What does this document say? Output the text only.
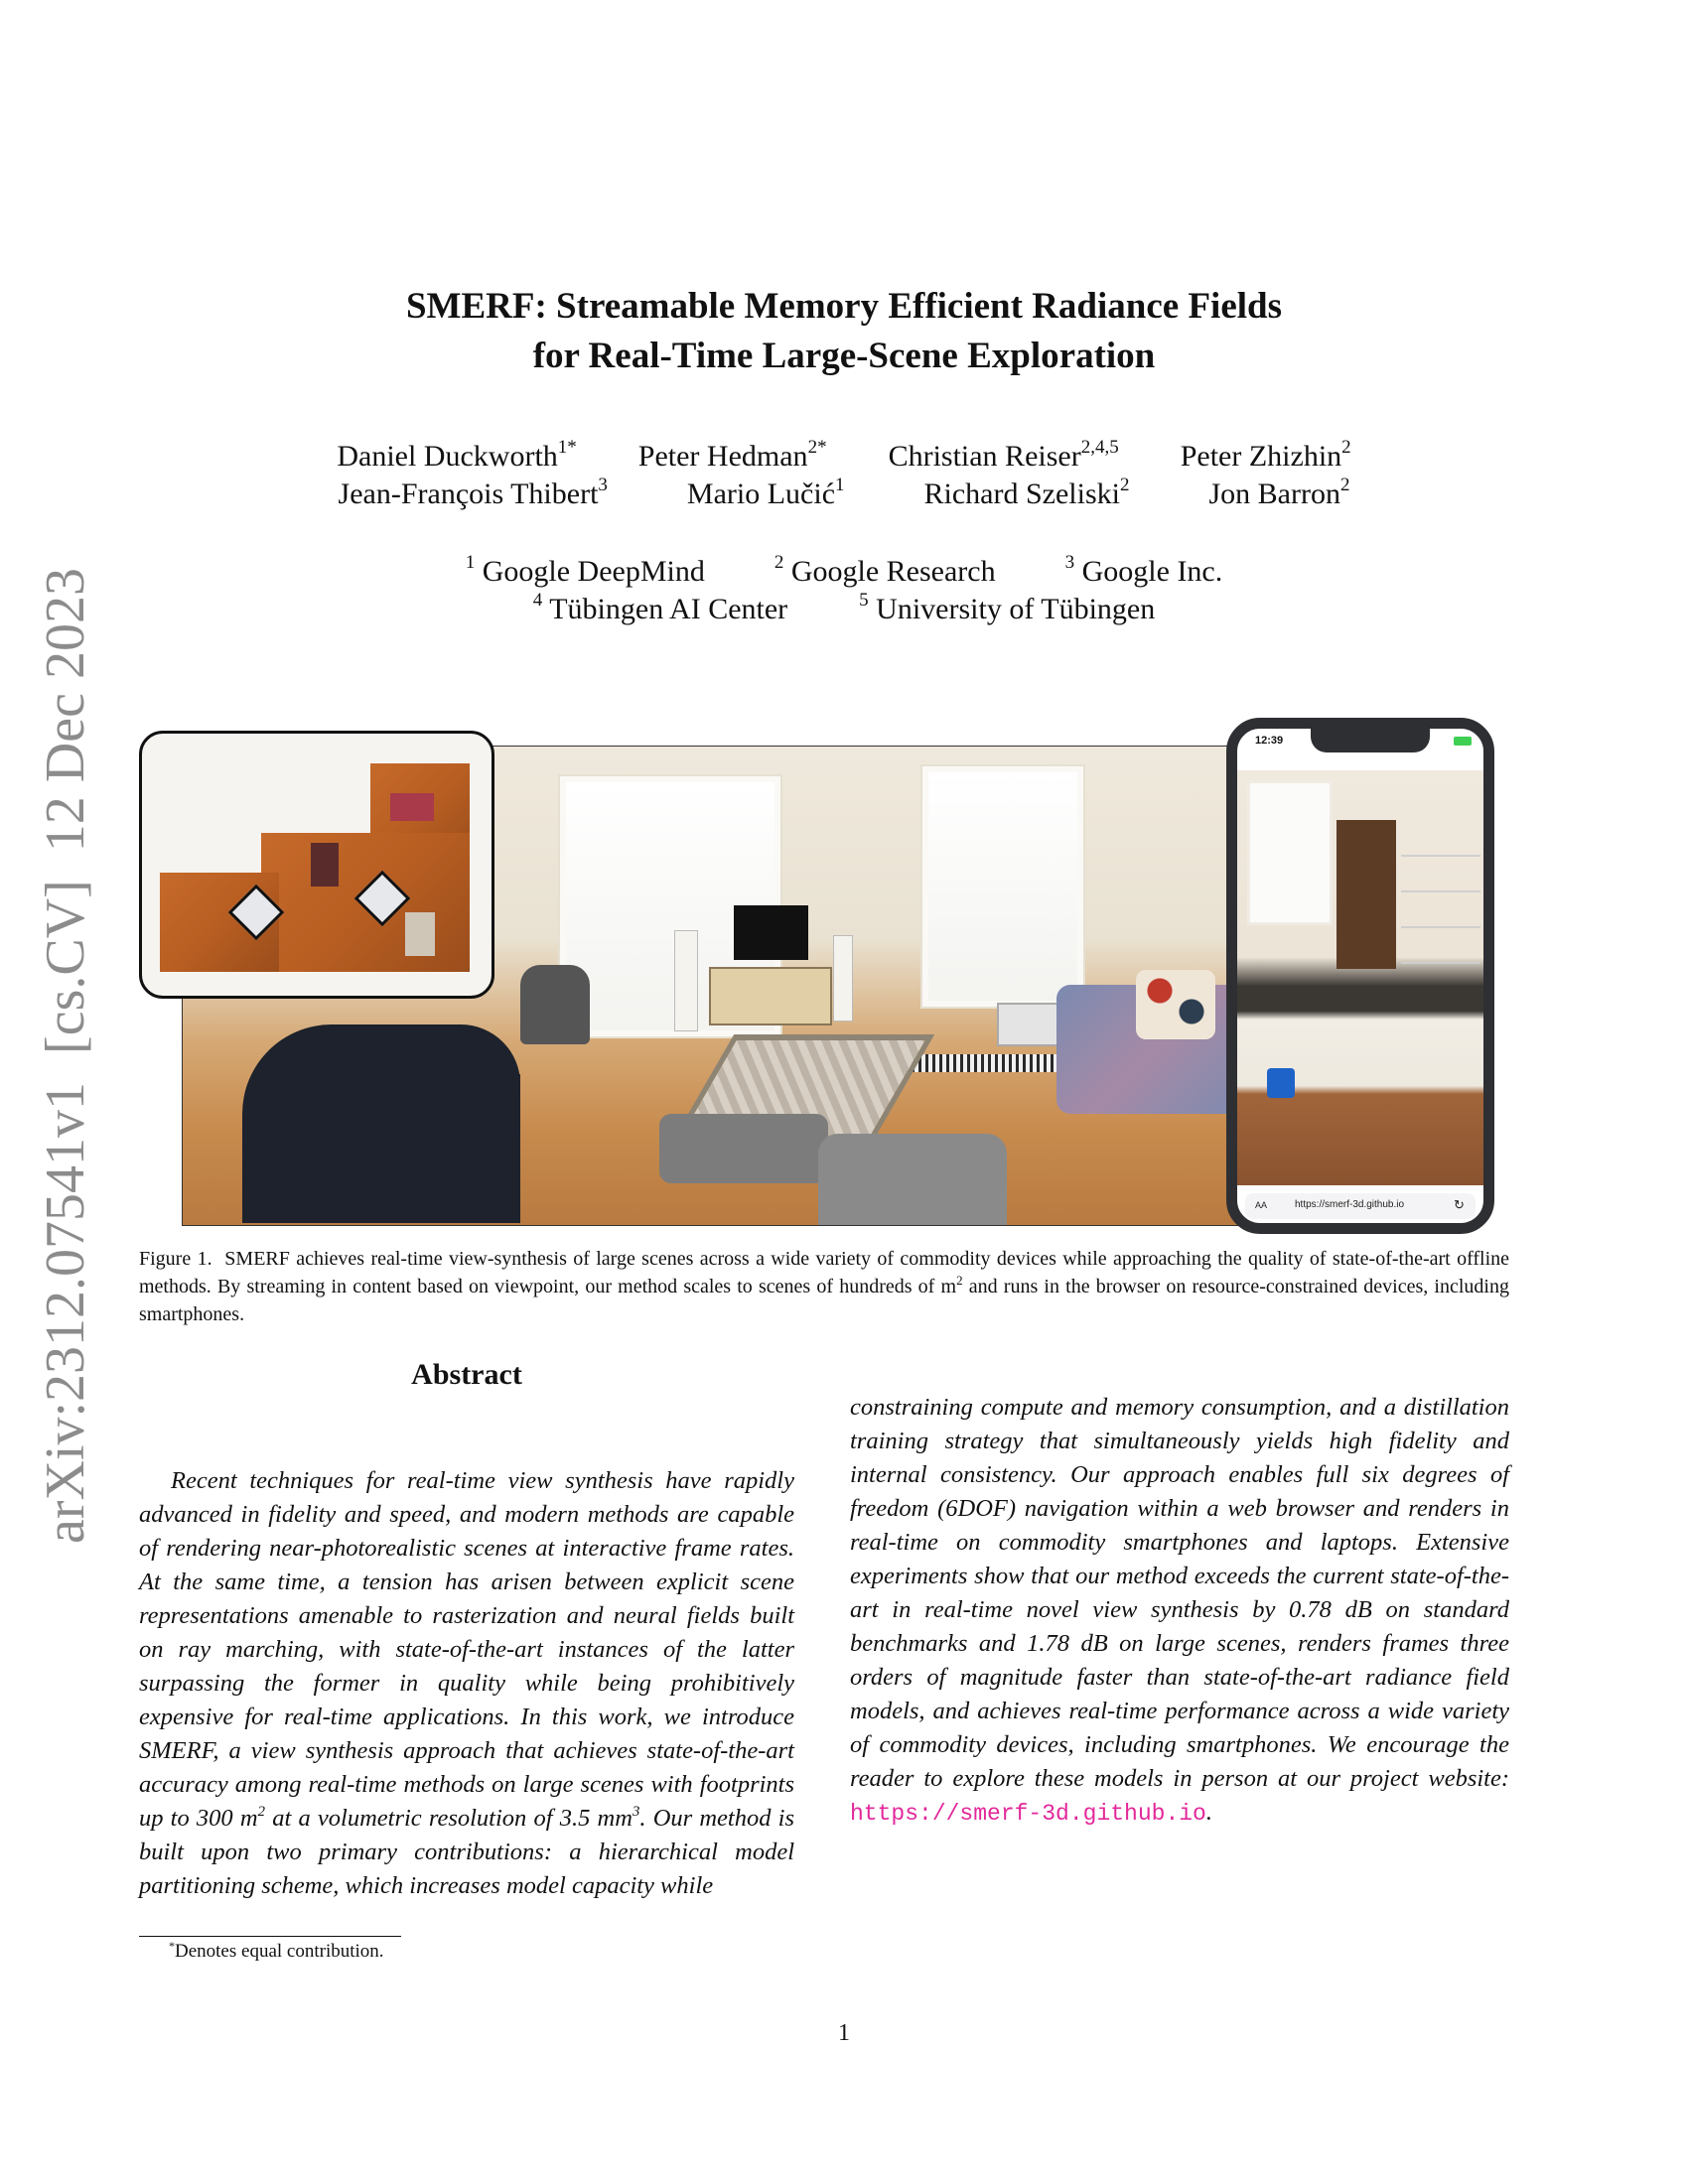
arXiv:2312.07541v1  [cs.CV]  12 Dec 2023
SMERF: Streamable Memory Efficient Radiance Fields
for Real-Time Large-Scene Exploration
Daniel Duckworth$^{1*}$ Peter Hedman$^{2*}$ Christian Reiser$^{2,4,5}$ Peter Zhizhin$^2$
Jean-François Thibert$^3$	Mario Lučić$^1$	Richard Szeliski$^2$	Jon Barron$^2$
$^1$ Google DeepMind	$^2$ Google Research	$^3$ Google Inc.
$^4$ Tübingen AI Center	$^5$ University of Tübingen
12:39
AA	https://smerf-3d.github.io	↻
Figure 1. SMERF achieves real-time view-synthesis of large scenes across a wide variety of commodity devices while approaching the quality of state-of-the-art offline methods. By streaming in content based on viewpoint, our method scales to scenes of hundreds of $m^2$ and runs in the browser on resource-constrained devices, including smartphones.
Abstract

Recent techniques for real-time view synthesis have rapidly advanced in fidelity and speed, and modern methods are capable of rendering near-photorealistic scenes at interactive frame rates. At the same time, a tension has arisen between explicit scene representations amenable to rasterization and neural fields built on ray marching, with state-of-the-art instances of the latter surpassing the former in quality while being prohibitively expensive for real-time applications. In this work, we introduce SMERF, a view synthesis approach that achieves state-of-the-art accuracy among real-time methods on large scenes with footprints up to 300 $m^2$ at a volumetric resolution of 3.5 $mm^3$. Our method is built upon two primary contributions: a hierarchical model partitioning scheme, which increases model capacity while

constraining compute and memory consumption, and a distillation training strategy that simultaneously yields high fidelity and internal consistency. Our approach enables full six degrees of freedom (6DOF) navigation within a web browser and renders in real-time on commodity smartphones and laptops. Extensive experiments show that our method exceeds the current state-of-the-art in real-time novel view synthesis by 0.78 dB on standard benchmarks and 1.78 dB on large scenes, renders frames three orders of magnitude faster than state-of-the-art radiance field models, and achieves real-time performance across a wide variety of commodity devices, including smartphones. We encourage the reader to explore these models in person at our project website: https://smerf-3d.github.io.

*Denotes equal contribution.
1
